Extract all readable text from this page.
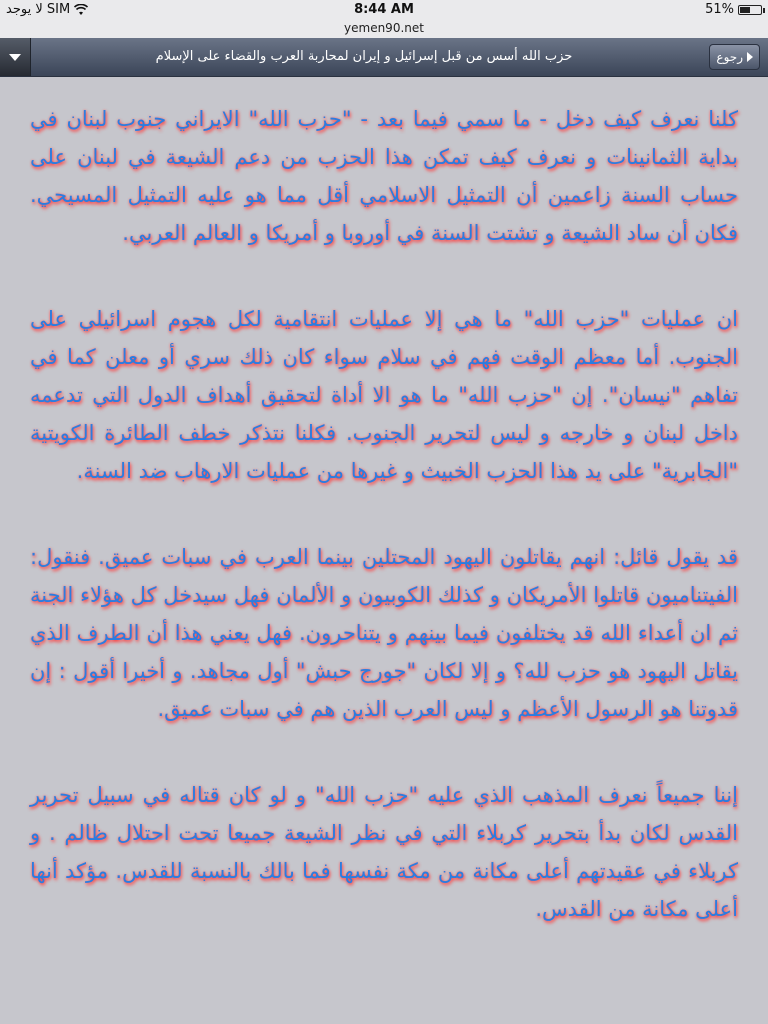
لا يوجد SIM	8:44 AM	51%
yemen90.net
حزب الله أسس من قبل إسرائيل و إيران لمحاربة العرب والقضاء على الإسلام	رجوع

كلنا نعرف كيف دخل - ما سمي فيما بعد - "حزب الله" الايراني جنوب لبنان في بداية الثمانينات و نعرف كيف تمكن هذا الحزب من دعم الشيعة في لبنان على حساب السنة زاعمين أن التمثيل الاسلامي أقل مما هو عليه التمثيل المسيحي. فكان أن ساد الشيعة و تشتت السنة في أوروبا و أمريكا و العالم العربي.

ان عمليات "حزب الله" ما هي إلا عمليات انتقامية لكل هجوم اسرائيلي على الجنوب. أما معظم الوقت فهم في سلام سواء كان ذلك سري أو معلن كما في تفاهم "نيسان". إن "حزب الله" ما هو الا أداة لتحقيق أهداف الدول التي تدعمه داخل لبنان و خارجه و ليس لتحرير الجنوب. فكلنا نتذكر خطف الطائرة الكويتية "الجابرية" على يد هذا الحزب الخبيث و غيرها من عمليات الارهاب ضد السنة.

قد يقول قائل: انهم يقاتلون اليهود المحتلين بينما العرب في سبات عميق. فنقول: الفيتناميون قاتلوا الأمريكان و كذلك الكوبيون و الألمان فهل سيدخل كل هؤلاء الجنة ثم ان أعداء الله قد يختلفون فيما بينهم و يتناحرون. فهل يعني هذا أن الطرف الذي يقاتل اليهود هو حزب لله؟ و إلا لكان "جورج حبش" أول مجاهد. و أخيرا أقول : إن قدوتنا هو الرسول الأعظم و ليس العرب الذين هم في سبات عميق.

إننا جميعاً نعرف المذهب الذي عليه "حزب الله" و لو كان قتاله في سبيل تحرير القدس لكان بدأ بتحرير كربلاء التي في نظر الشيعة جميعا تحت احتلال ظالم . و كربلاء في عقيدتهم أعلى مكانة من مكة نفسها فما بالك بالنسبة للقدس. مؤكد أنها أعلى مكانة من القدس.
